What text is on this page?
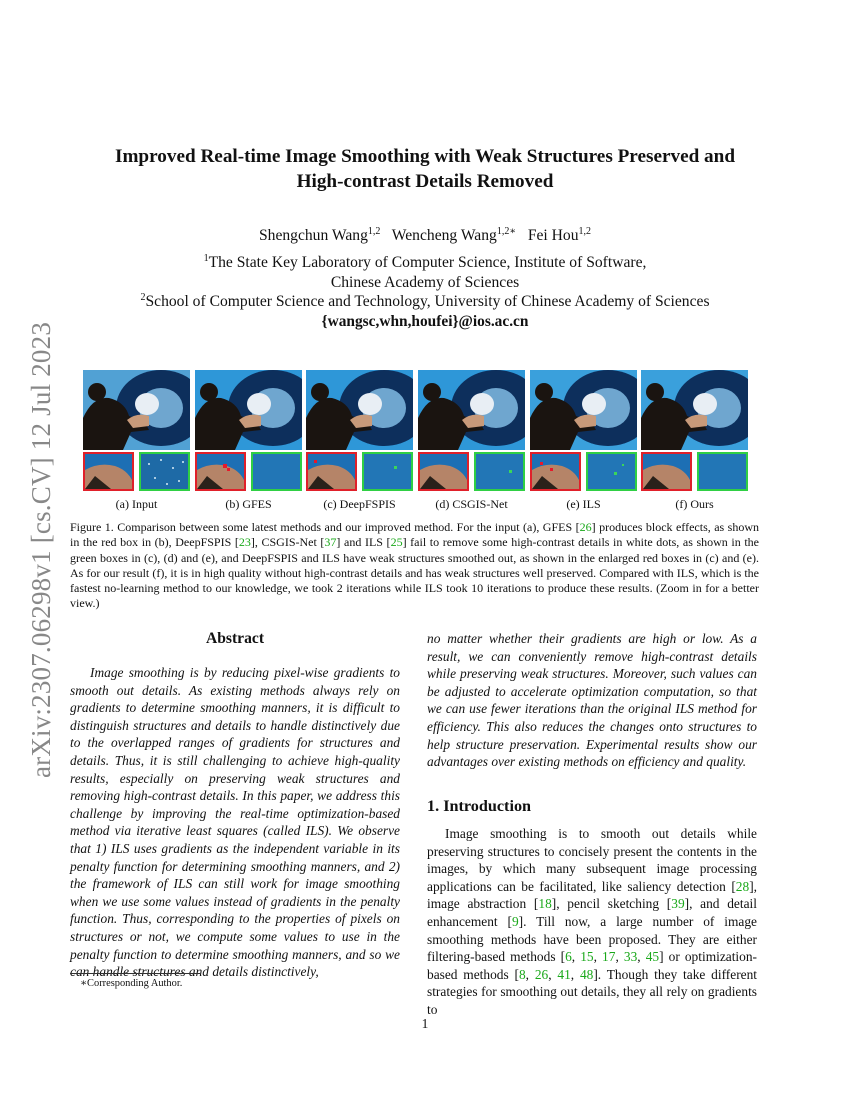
arXiv:2307.06298v1 [cs.CV] 12 Jul 2023
Improved Real-time Image Smoothing with Weak Structures Preserved and
High-contrast Details Removed
Shengchun Wang$^{1,2}$ Wencheng Wang$^{1,2∗}$ Fei Hou$^{1,2}$
$^1$The State Key Laboratory of Computer Science, Institute of Software,
Chinese Academy of Sciences
$^2$School of Computer Science and Technology, University of Chinese Academy of Sciences
{wangsc,whn,houfei}@ios.ac.cn
(a) Input	(b) GFES	(c) DeepFSPIS	(d) CSGIS-Net	(e) ILS	(f) Ours
Figure 1. Comparison between some latest methods and our improved method. For the input (a), GFES [26] produces block effects, as shown in the red box in (b), DeepFSPIS [23], CSGIS-Net [37] and ILS [25] fail to remove some high-contrast details in white dots, as shown in the green boxes in (c), (d) and (e), and DeepFSPIS and ILS have weak structures smoothed out, as shown in the enlarged red boxes in (c) and (e). As for our result (f), it is in high quality without high-contrast details and has weak structures well preserved. Compared with ILS, which is the fastest no-learning method to our knowledge, we took 2 iterations while ILS took 10 iterations to produce these results. (Zoom in for a better view.)
Abstract
Image smoothing is by reducing pixel-wise gradients to smooth out details. As existing methods always rely on gradients to determine smoothing manners, it is difficult to distinguish structures and details to handle distinctively due to the overlapped ranges of gradients for structures and details. Thus, it is still challenging to achieve high-quality results, especially on preserving weak structures and removing high-contrast details. In this paper, we address this challenge by improving the real-time optimization-based method via iterative least squares (called ILS). We observe that 1) ILS uses gradients as the independent variable in its penalty function for determining smoothing manners, and 2) the framework of ILS can still work for image smoothing when we use some values instead of gradients in the penalty function. Thus, corresponding to the properties of pixels on structures or not, we compute some values to use in the penalty function to determine smoothing manners, and so we can handle structures and details distinctively,
no matter whether their gradients are high or low. As a result, we can conveniently remove high-contrast details while preserving weak structures. Moreover, such values can be adjusted to accelerate optimization computation, so that we can use fewer iterations than the original ILS method for efficiency. This also reduces the changes onto structures to help structure preservation. Experimental results show our advantages over existing methods on efficiency and quality.
1. Introduction
Image smoothing is to smooth out details while preserving structures to concisely present the contents in the images, by which many subsequent image processing applications can be facilitated, like saliency detection [28], image abstraction [18], pencil sketching [39], and detail enhancement [9]. Till now, a large number of image smoothing methods have been proposed. They are either filtering-based methods [6, 15, 17, 33, 45] or optimization-based methods [8, 26, 41, 48]. Though they take different strategies for smoothing out details, they all rely on gradients to
∗Corresponding Author.
1
